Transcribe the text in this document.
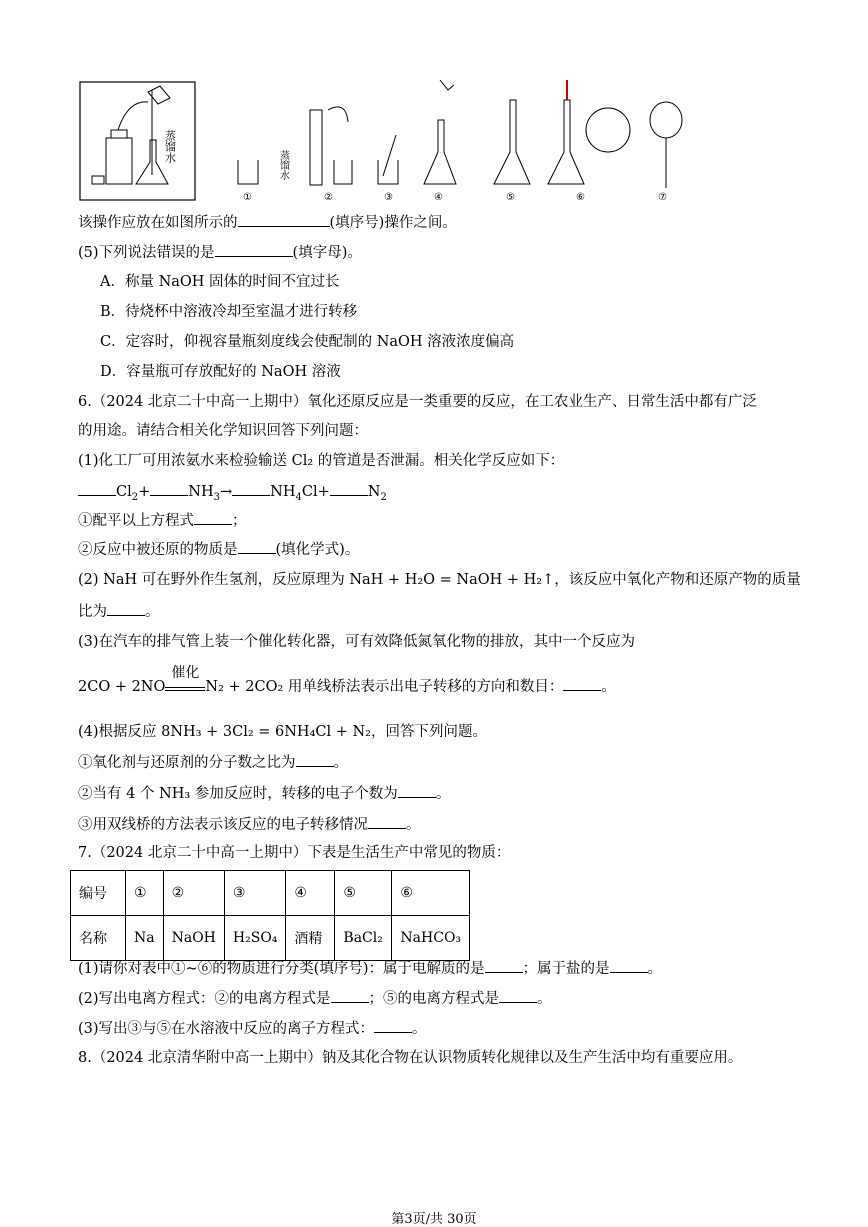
蒸馏水
①
蒸馏水
②	③	④	⑤	⑥	⑦
该操作应放在如图所示的	(填序号)操作之间。
(5)下列说法错误的是	(填字母)。
A．称量 NaOH 固体的时间不宜过长
B．待烧杯中溶液冷却至室温才进行转移
C．定容时，仰视容量瓶刻度线会使配制的 NaOH 溶液浓度偏高
D．容量瓶可存放配好的 NaOH 溶液
6.（2024 北京二十中高一上期中）氧化还原反应是一类重要的反应，在工农业生产、日常生活中都有广泛
的用途。请结合相关化学知识回答下列问题：
(1)化工厂可用浓氨水来检验输送 Cl₂ 的管道是否泄漏。相关化学反应如下：
$Cl_2+$	$NH_3\to$	$NH_4Cl+$	$N_2$
①配平以上方程式	；
②反应中被还原的物质是	(填化学式)。
(2) NaH 可在野外作生氢剂，反应原理为 NaH + H₂O = NaOH + H₂↑，该反应中氧化产物和还原产物的质量
比为	。
(3)在汽车的排气管上装一个催化转化器，可有效降低氮氧化物的排放，其中一个反应为
2CO + 2NO
催化
N₂ + 2CO₂ 用单线桥法表示出电子转移的方向和数目：	。
(4)根据反应 8NH₃ + 3Cl₂ = 6NH₄Cl + N₂，回答下列问题。
①氧化剂与还原剂的分子数之比为	。
②当有 4 个 NH₃ 参加反应时，转移的电子个数为	。
③用双线桥的方法表示该反应的电子转移情况	。
7.（2024 北京二十中高一上期中）下表是生活生产中常见的物质：
编号	①	②	③	④	⑤	⑥
名称	Na	NaOH	H₂SO₄	酒精	BaCl₂	NaHCO₃
(1)请你对表中①~⑥的物质进行分类(填序号)：属于电解质的是	；属于盐的是	。
(2)写出电离方程式：②的电离方程式是	；⑤的电离方程式是	。
(3)写出③与⑤在水溶液中反应的离子方程式：	。
8.（2024 北京清华附中高一上期中）钠及其化合物在认识物质转化规律以及生产生活中均有重要应用。
第3页/共 30页
